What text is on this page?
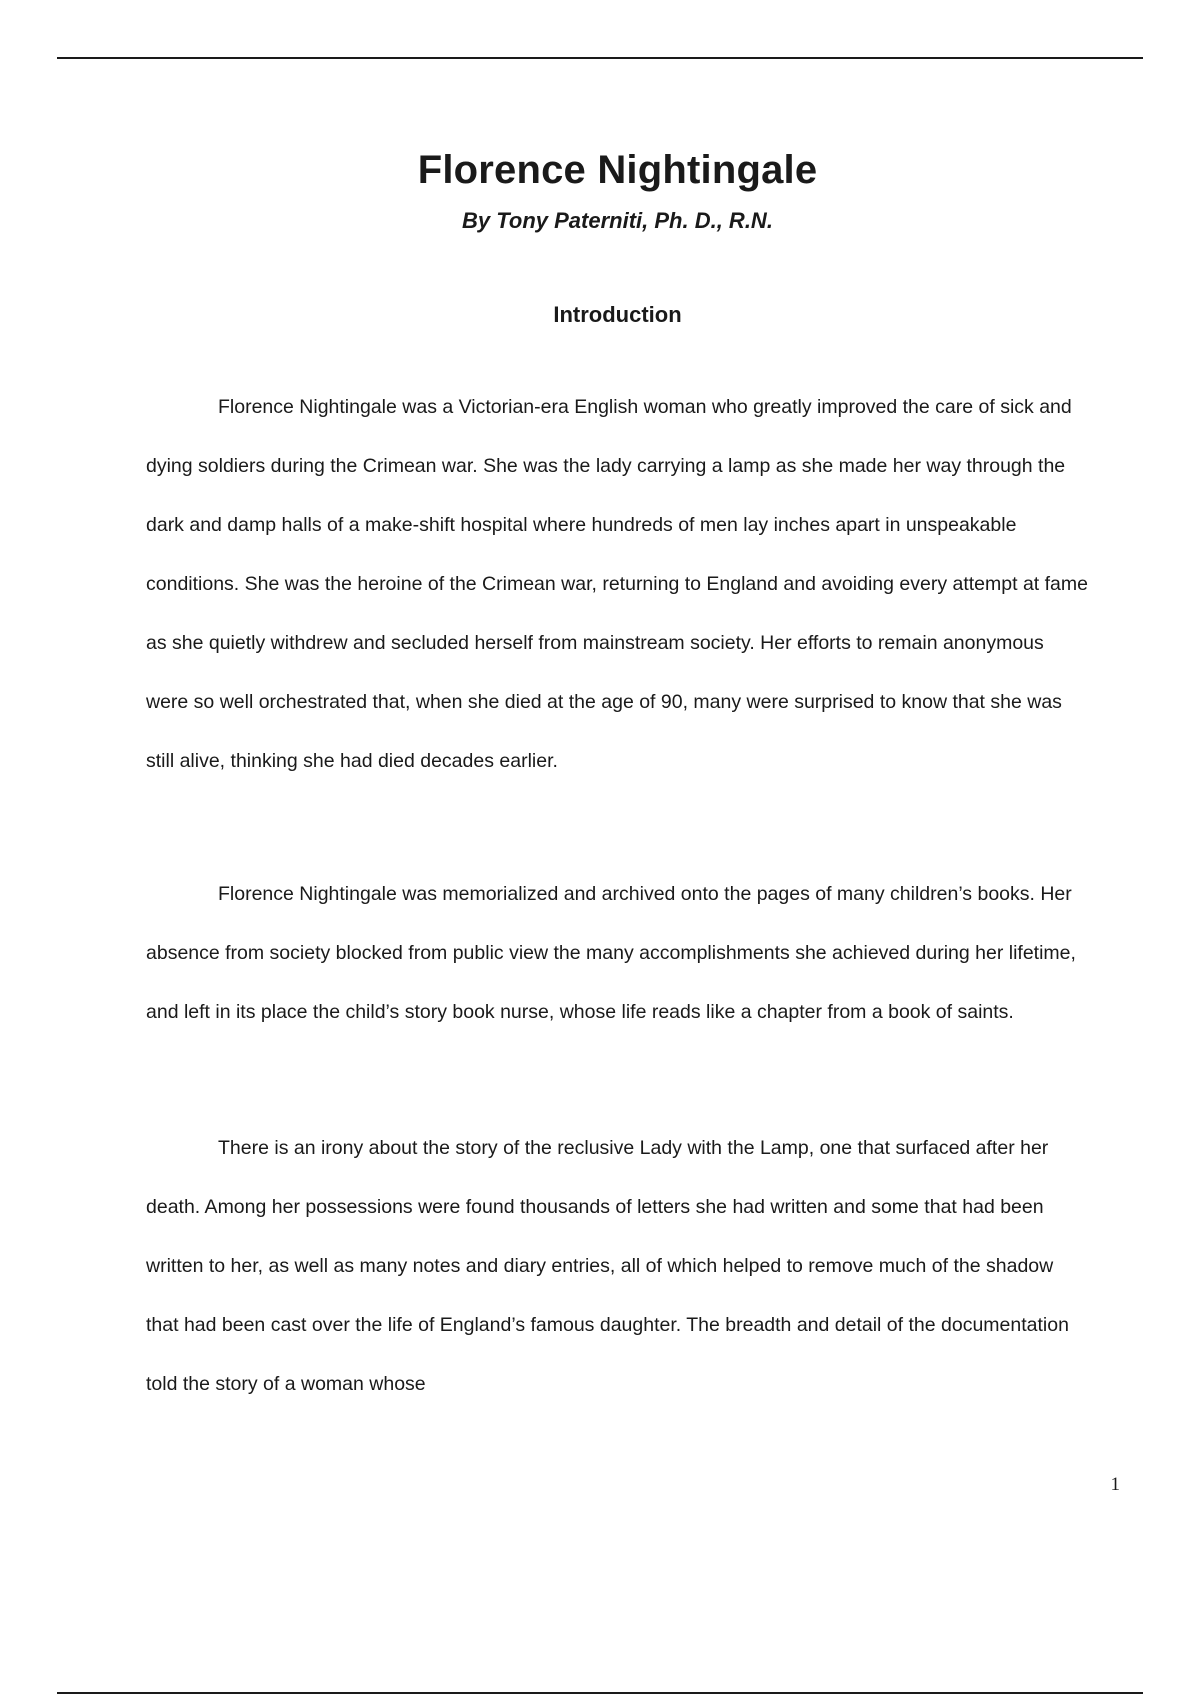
Florence Nightingale
By Tony Paterniti, Ph. D., R.N.
Introduction

Florence Nightingale was a Victorian-era English woman who greatly improved the care of sick and dying soldiers during the Crimean war. She was the lady carrying a lamp as she made her way through the dark and damp halls of a make-shift hospital where hundreds of men lay inches apart in unspeakable conditions. She was the heroine of the Crimean war, returning to England and avoiding every attempt at fame as she quietly withdrew and secluded herself from mainstream society. Her efforts to remain anonymous were so well orchestrated that, when she died at the age of 90, many were surprised to know that she was still alive, thinking she had died decades earlier.

Florence Nightingale was memorialized and archived onto the pages of many children’s books. Her absence from society blocked from public view the many accomplishments she achieved during her lifetime, and left in its place the child’s story book nurse, whose life reads like a chapter from a book of saints.

There is an irony about the story of the reclusive Lady with the Lamp, one that surfaced after her death. Among her possessions were found thousands of letters she had written and some that had been written to her, as well as many notes and diary entries, all of which helped to remove much of the shadow that had been cast over the life of England’s famous daughter. The breadth and detail of the documentation told the story of a woman whose

1
